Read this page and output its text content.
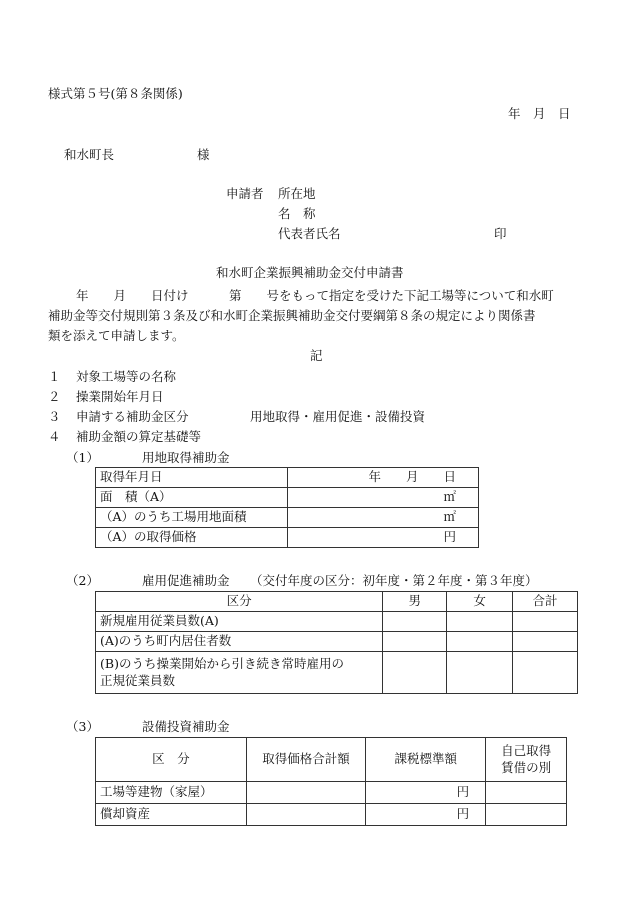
様式第５号(第８条関係)
年　月　日
和水町長	様
申請者 所在地
名　称
代表者氏名	印
和水町企業振興補助金交付申請書
年　　月　　日付け	第　　号をもって指定を受けた下記工場等について和水町
補助金等交付規則第３条及び和水町企業振興補助金交付要綱第８条の規定により関係書
類を添えて申請します。
記
１ 対象工場等の名称
２ 操業開始年月日
３ 申請する補助金区分	用地取得・雇用促進・設備投資
４ 補助金額の算定基礎等
（1）	用地取得補助金
取得年月日	年　　月　　日
面　積（A）	㎡
（A）のうち工場用地面積	㎡
（A）の取得価格	円
（2）	雇用促進補助金 （交付年度の区分：初年度・第２年度・第３年度）
区分	男	女	合計
新規雇用従業員数(A)			
(A)のうち町内居住者数			

(B)のうち操業開始から引き続き常時雇用の
正規従業員数			

（3）	設備投資補助金
区　分	取得価格合計額	課税標準額	自己取得
賃借の別

工場等建物（家屋）		円	
償却資産		円	
